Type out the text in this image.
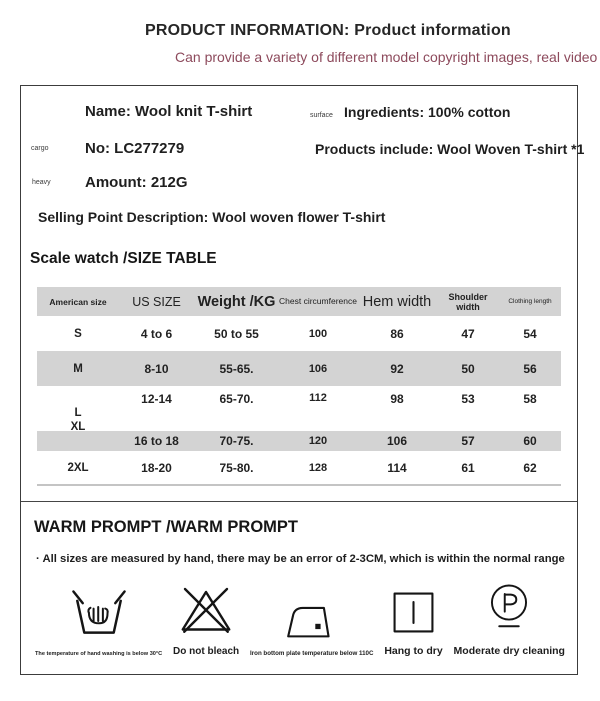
PRODUCT INFORMATION: Product information
Can provide a variety of different model copyright images, real video
Name: Wool knit T-shirt	surface Ingredients: 100% cotton
cargo No: LC277279	Products include: Wool Woven T-shirt *1
heavy Amount: 212G
Selling Point Description: Wool woven flower T-shirt
Scale watch /SIZE TABLE
American size	US SIZE	Weight /KG	Chest circumference	Hem width	Shoulder width	Clothing length
S	4 to 6	50 to 55	100	86	47	54
M	8-10	55-65.	106	92	50	56
L	12-14	65-70.	112	98	53	58
XL	16 to 18	70-75.	120	106	57	60
2XL	18-20	75-80.	128	114	61	62
WARM PROMPT /WARM PROMPT
· All sizes are measured by hand, there may be an error of 2-3CM, which is within the normal range
The temperature of hand washing is below 30°C Do not bleach Iron bottom plate temperature below 110C Hang to dry Moderate dry cleaning
